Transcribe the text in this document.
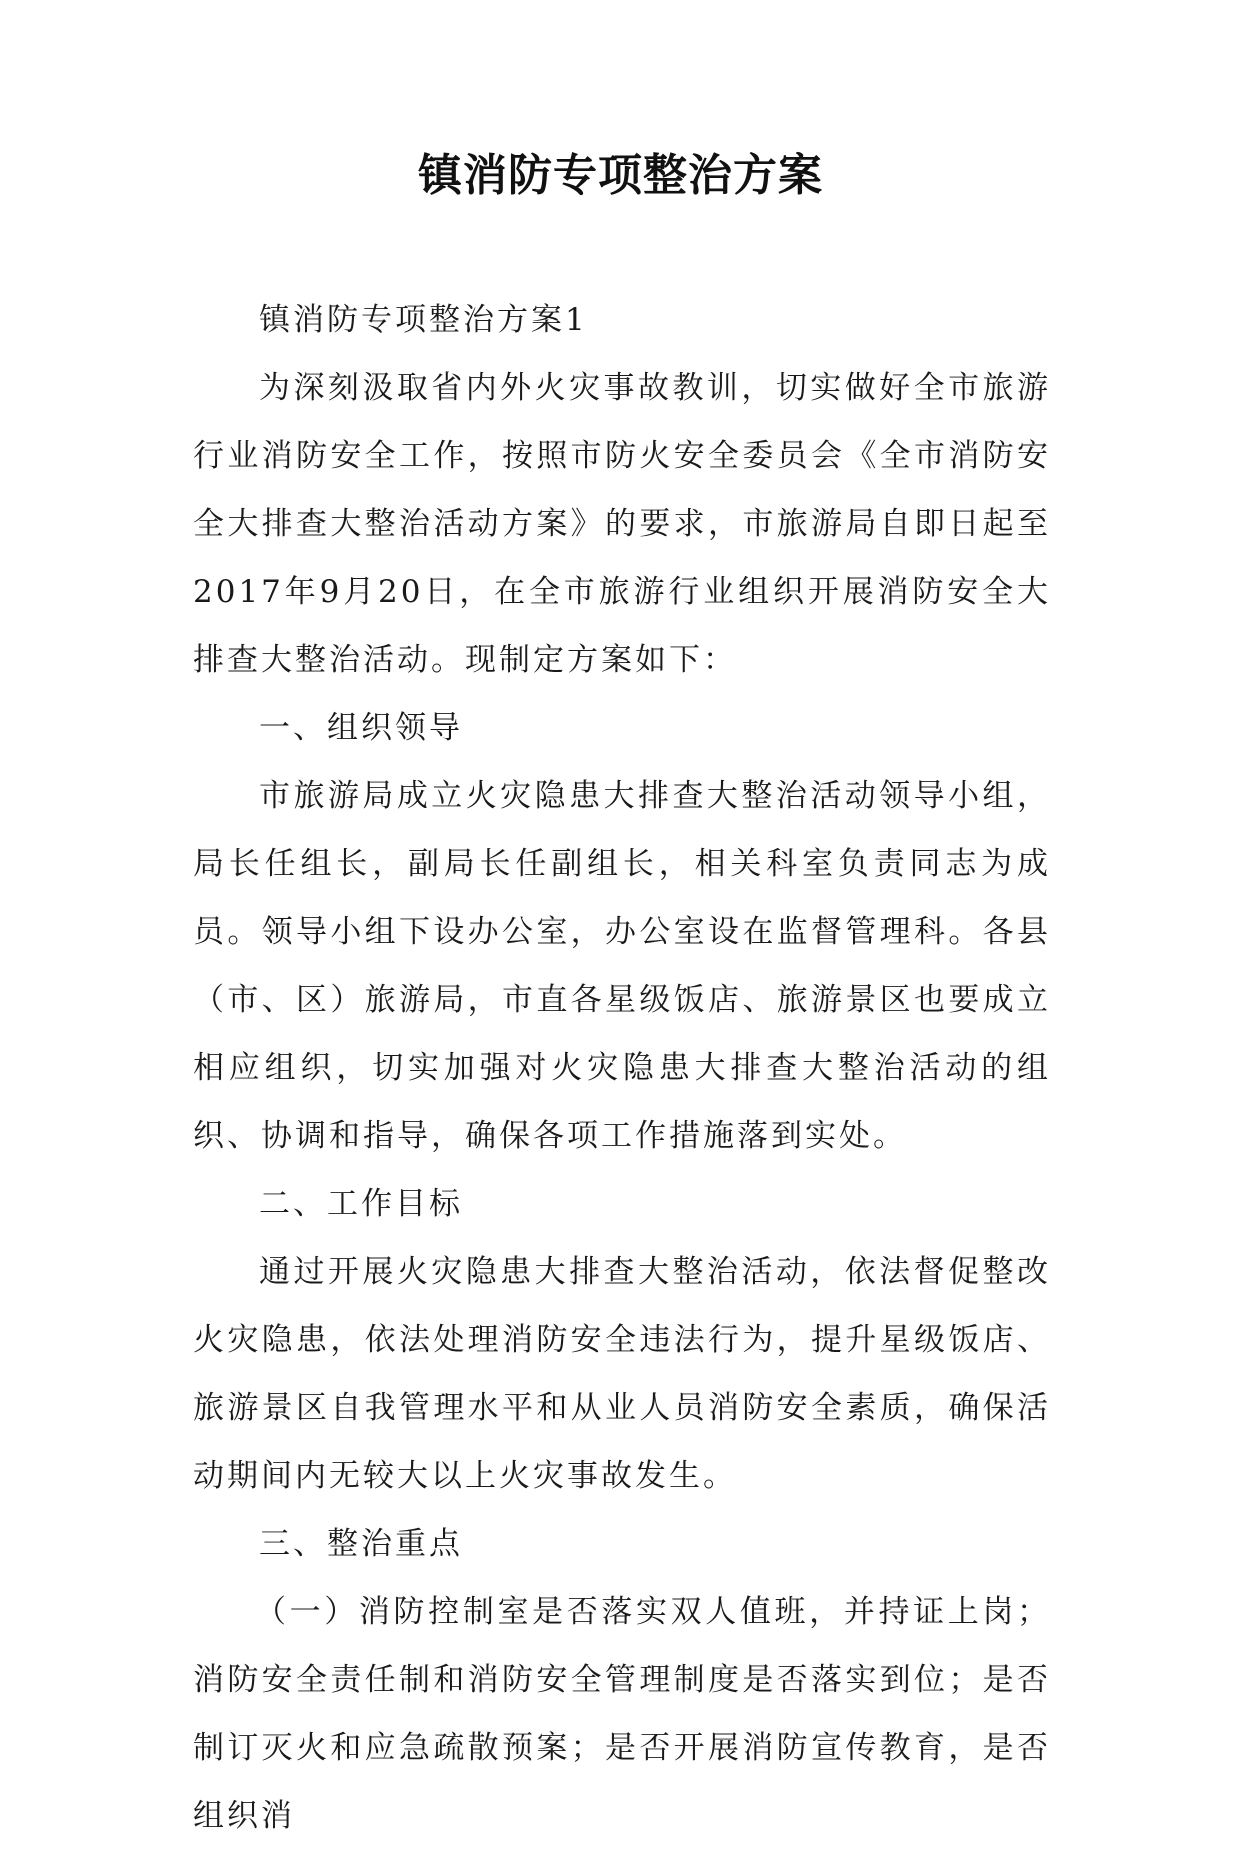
镇消防专项整治方案

镇消防专项整治方案1

为深刻汲取省内外火灾事故教训，切实做好全市旅游行业消防安全工作，按照市防火安全委员会《全市消防安全大排查大整治活动方案》的要求，市旅游局自即日起至2017年9月20日，在全市旅游行业组织开展消防安全大排查大整治活动。现制定方案如下：

一、组织领导

市旅游局成立火灾隐患大排查大整治活动领导小组，局长任组长，副局长任副组长，相关科室负责同志为成员。领导小组下设办公室，办公室设在监督管理科。各县（市、区）旅游局，市直各星级饭店、旅游景区也要成立相应组织，切实加强对火灾隐患大排查大整治活动的组织、协调和指导，确保各项工作措施落到实处。

二、工作目标

通过开展火灾隐患大排查大整治活动，依法督促整改火灾隐患，依法处理消防安全违法行为，提升星级饭店、旅游景区自我管理水平和从业人员消防安全素质，确保活动期间内无较大以上火灾事故发生。

三、整治重点

（一）消防控制室是否落实双人值班，并持证上岗；消防安全责任制和消防安全管理制度是否落实到位；是否制订灭火和应急疏散预案；是否开展消防宣传教育，是否组织消
